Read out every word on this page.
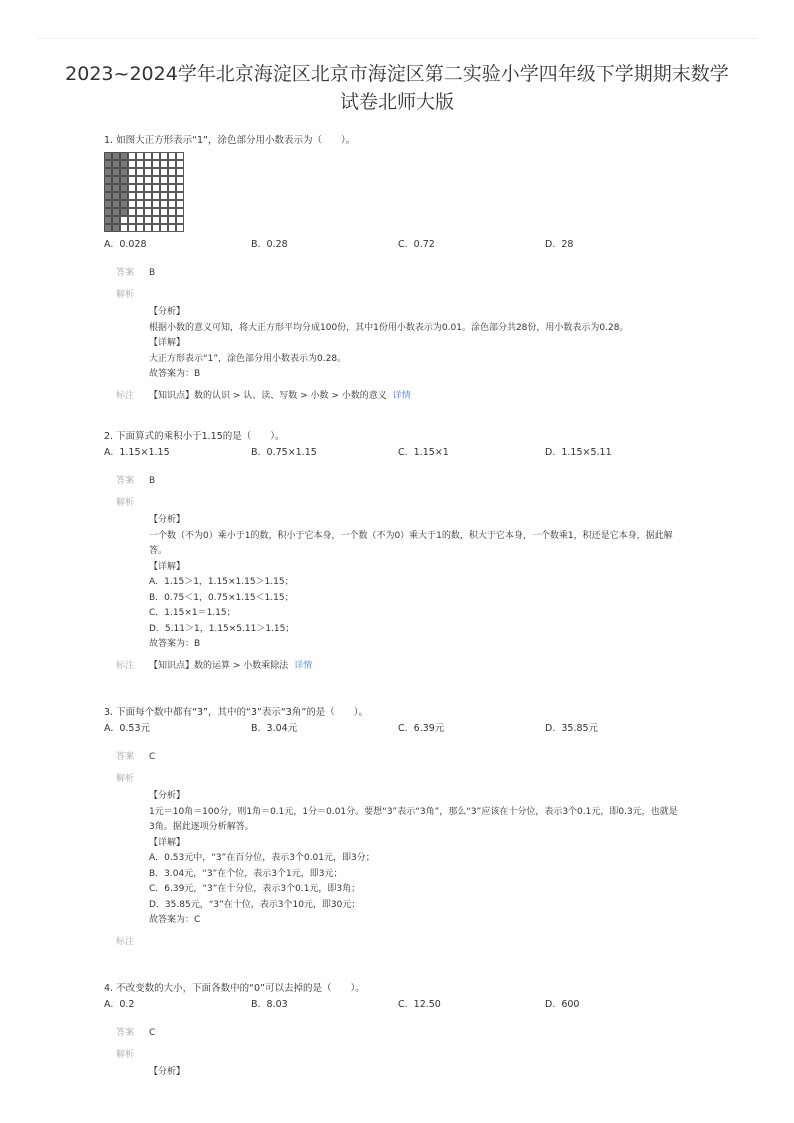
2023~2024学年北京海淀区北京市海淀区第二实验小学四年级下学期期末数学试卷北师大版
1. 如图大正方形表示“1”，涂色部分用小数表示为（　　）。
A. 0.028	B. 0.28	C. 0.72	D. 28
答案 B
解析

【分析】

根据小数的意义可知，将大正方形平均分成100份，其中1份用小数表示为0.01。涂色部分共28份，用小数表示为0.28。

【详解】

大正方形表示“1”，涂色部分用小数表示为0.28。

故答案为：B

标注 【知识点】数的认识 > 认、读、写数 > 小数 > 小数的意义 详情
2. 下面算式的乘积小于1.15的是（　　）。
A. 1.15×1.15	B. 0.75×1.15	C. 1.15×1	D. 1.15×5.11
答案 B
解析

【分析】

一个数（不为0）乘小于1的数，积小于它本身，一个数（不为0）乘大于1的数，积大于它本身，一个数乘1，积还是它本身，据此解答。

【详解】

A．1.15＞1，1.15×1.15＞1.15；

B．0.75＜1，0.75×1.15＜1.15；

C．1.15×1＝1.15；

D．5.11＞1，1.15×5.11＞1.15；

故答案为：B

标注 【知识点】数的运算 > 小数乘除法 详情
3. 下面每个数中都有“3”，其中的“3”表示“3角”的是（　　）。
A. 0.53元	B. 3.04元	C. 6.39元	D. 35.85元
答案 C
解析

【分析】

1元＝10角＝100分，则1角＝0.1元，1分＝0.01分。要想“3”表示“3角”，那么“3”应该在十分位，表示3个0.1元，即0.3元，也就是3角。据此逐项分析解答。

【详解】

A．0.53元中，“3”在百分位，表示3个0.01元，即3分；

B．3.04元，“3”在个位，表示3个1元，即3元；

C．6.39元，“3”在十分位，表示3个0.1元，即3角；

D．35.85元，“3”在十位，表示3个10元，即30元；

故答案为：C

标注
4. 不改变数的大小，下面各数中的“0”可以去掉的是（　　）。
A. 0.2	B. 8.03	C. 12.50	D. 600
答案 C
解析

【分析】
